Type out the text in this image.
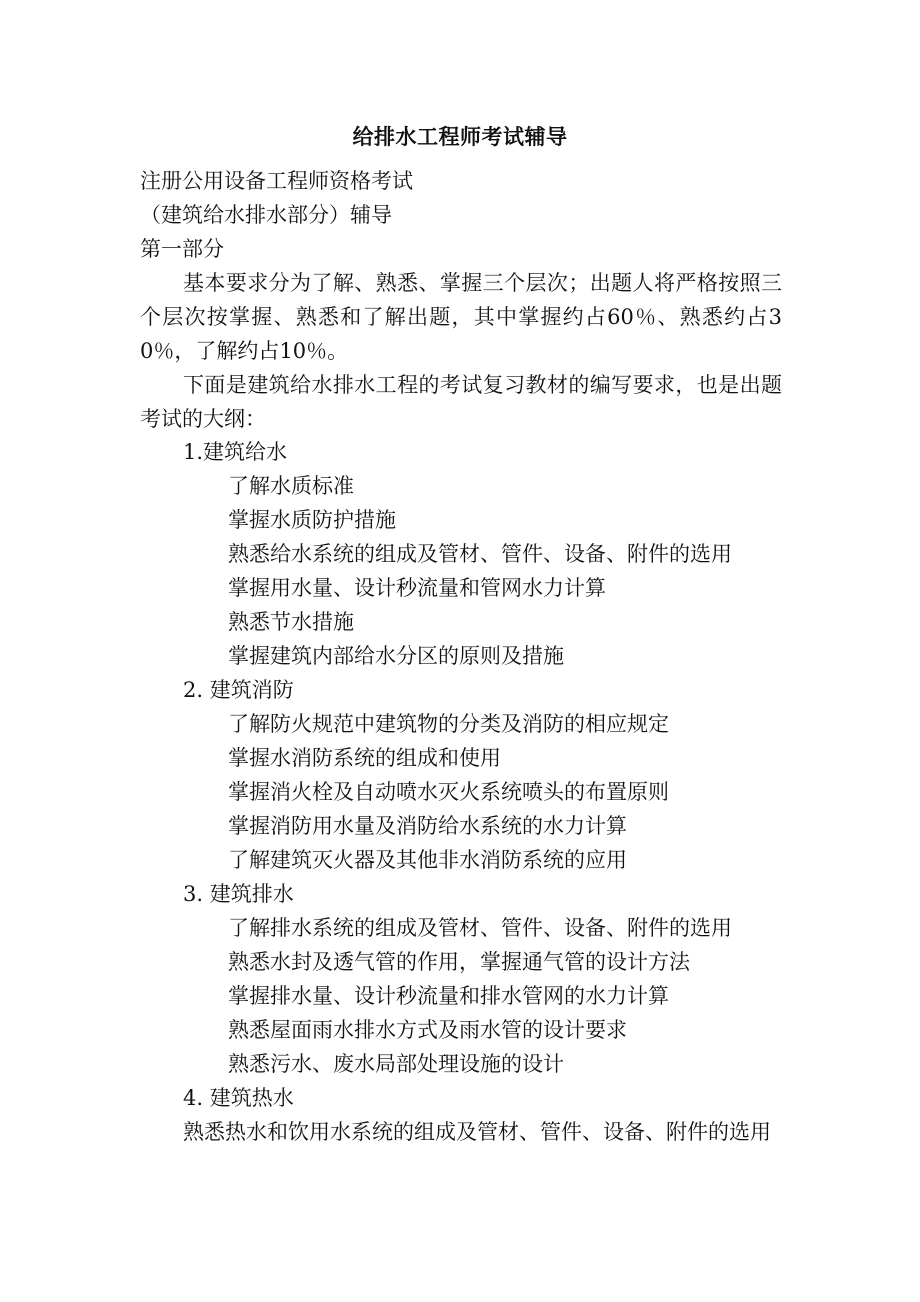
给排水工程师考试辅导
注册公用设备工程师资格考试
（建筑给水排水部分）辅导
第一部分
基本要求分为了解、熟悉、掌握三个层次；出题人将严格按照三个层次按掌握、熟悉和了解出题，其中掌握约占60％、熟悉约占30％，了解约占10％。
下面是建筑给水排水工程的考试复习教材的编写要求，也是出题考试的大纲：
1.建筑给水
了解水质标准
掌握水质防护措施
熟悉给水系统的组成及管材、管件、设备、附件的选用
掌握用水量、设计秒流量和管网水力计算
熟悉节水措施
掌握建筑内部给水分区的原则及措施
2. 建筑消防
了解防火规范中建筑物的分类及消防的相应规定
掌握水消防系统的组成和使用
掌握消火栓及自动喷水灭火系统喷头的布置原则
掌握消防用水量及消防给水系统的水力计算
了解建筑灭火器及其他非水消防系统的应用
3. 建筑排水
了解排水系统的组成及管材、管件、设备、附件的选用
熟悉水封及透气管的作用，掌握通气管的设计方法
掌握排水量、设计秒流量和排水管网的水力计算
熟悉屋面雨水排水方式及雨水管的设计要求
熟悉污水、废水局部处理设施的设计
4. 建筑热水
熟悉热水和饮用水系统的组成及管材、管件、设备、附件的选用
